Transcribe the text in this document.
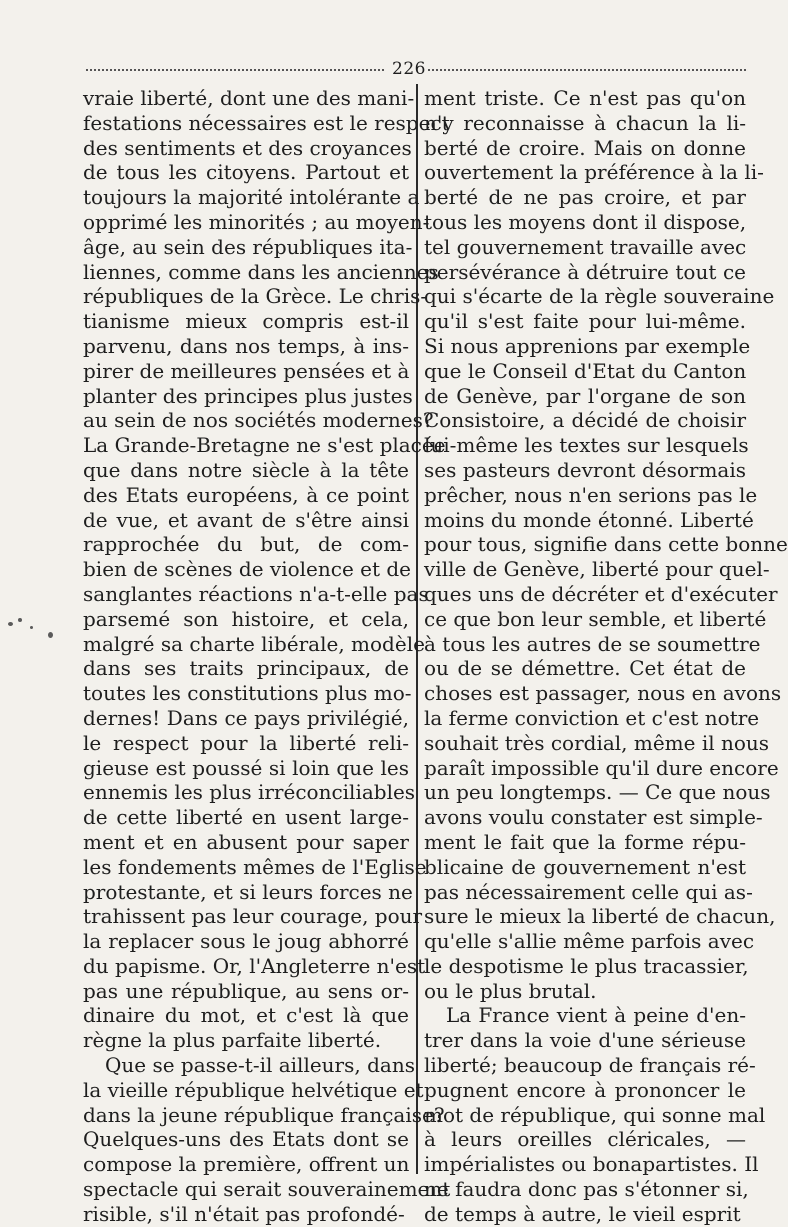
226
vraie liberté, dont une des mani-
festations nécessaires est le respect
des sentiments et des croyances
de tous les citoyens. Partout et
toujours la majorité intolérante a
opprimé les minorités ; au moyen-
âge, au sein des républiques ita-
liennes, comme dans les anciennes
républiques de la Grèce. Le chris-
tianisme mieux compris est-il
parvenu, dans nos temps, à ins-
pirer de meilleures pensées et à
planter des principes plus justes
au sein de nos sociétés modernes?
La Grande-Bretagne ne s'est placée
que dans notre siècle à la tête
des Etats européens, à ce point
de vue, et avant de s'être ainsi
rapprochée du but, de com-
bien de scènes de violence et de
sanglantes réactions n'a-t-elle pas
parsemé son histoire, et cela,
malgré sa charte libérale, modèle
dans ses traits principaux, de
toutes les constitutions plus mo-
dernes! Dans ce pays privilégié,
le respect pour la liberté reli-
gieuse est poussé si loin que les
ennemis les plus irréconciliables
de cette liberté en usent large-
ment et en abusent pour saper
les fondements mêmes de l'Eglise
protestante, et si leurs forces ne
trahissent pas leur courage, pour
la replacer sous le joug abhorré
du papisme. Or, l'Angleterre n'est
pas une république, au sens or-
dinaire du mot, et c'est là que
règne la plus parfaite liberté.
Que se passe-t-il ailleurs, dans
la vieille république helvétique et
dans la jeune république française?
Quelques-uns des Etats dont se
compose la première, offrent un
spectacle qui serait souverainement
risible, s'il n'était pas profondé-
ment triste. Ce n'est pas qu'on
n'y reconnaisse à chacun la li-
berté de croire. Mais on donne
ouvertement la préférence à la li-
berté de ne pas croire, et par
tous les moyens dont il dispose,
tel gouvernement travaille avec
persévérance à détruire tout ce
qui s'écarte de la règle souveraine
qu'il s'est faite pour lui-même.
Si nous apprenions par exemple
que le Conseil d'Etat du Canton
de Genève, par l'organe de son
Consistoire, a décidé de choisir
lui-même les textes sur lesquels
ses pasteurs devront désormais
prêcher, nous n'en serions pas le
moins du monde étonné. Liberté
pour tous, signifie dans cette bonne
ville de Genève, liberté pour quel-
ques uns de décréter et d'exécuter
ce que bon leur semble, et liberté
à tous les autres de se soumettre
ou de se démettre. Cet état de
choses est passager, nous en avons
la ferme conviction et c'est notre
souhait très cordial, même il nous
paraît impossible qu'il dure encore
un peu longtemps. — Ce que nous
avons voulu constater est simple-
ment le fait que la forme répu-
blicaine de gouvernement n'est
pas nécessairement celle qui as-
sure le mieux la liberté de chacun,
qu'elle s'allie même parfois avec
le despotisme le plus tracassier,
ou le plus brutal.
La France vient à peine d'en-
trer dans la voie d'une sérieuse
liberté; beaucoup de français ré-
pugnent encore à prononcer le
mot de république, qui sonne mal
à leurs oreilles cléricales, —
impérialistes ou bonapartistes. Il
ne faudra donc pas s'étonner si,
de temps à autre, le vieil esprit
